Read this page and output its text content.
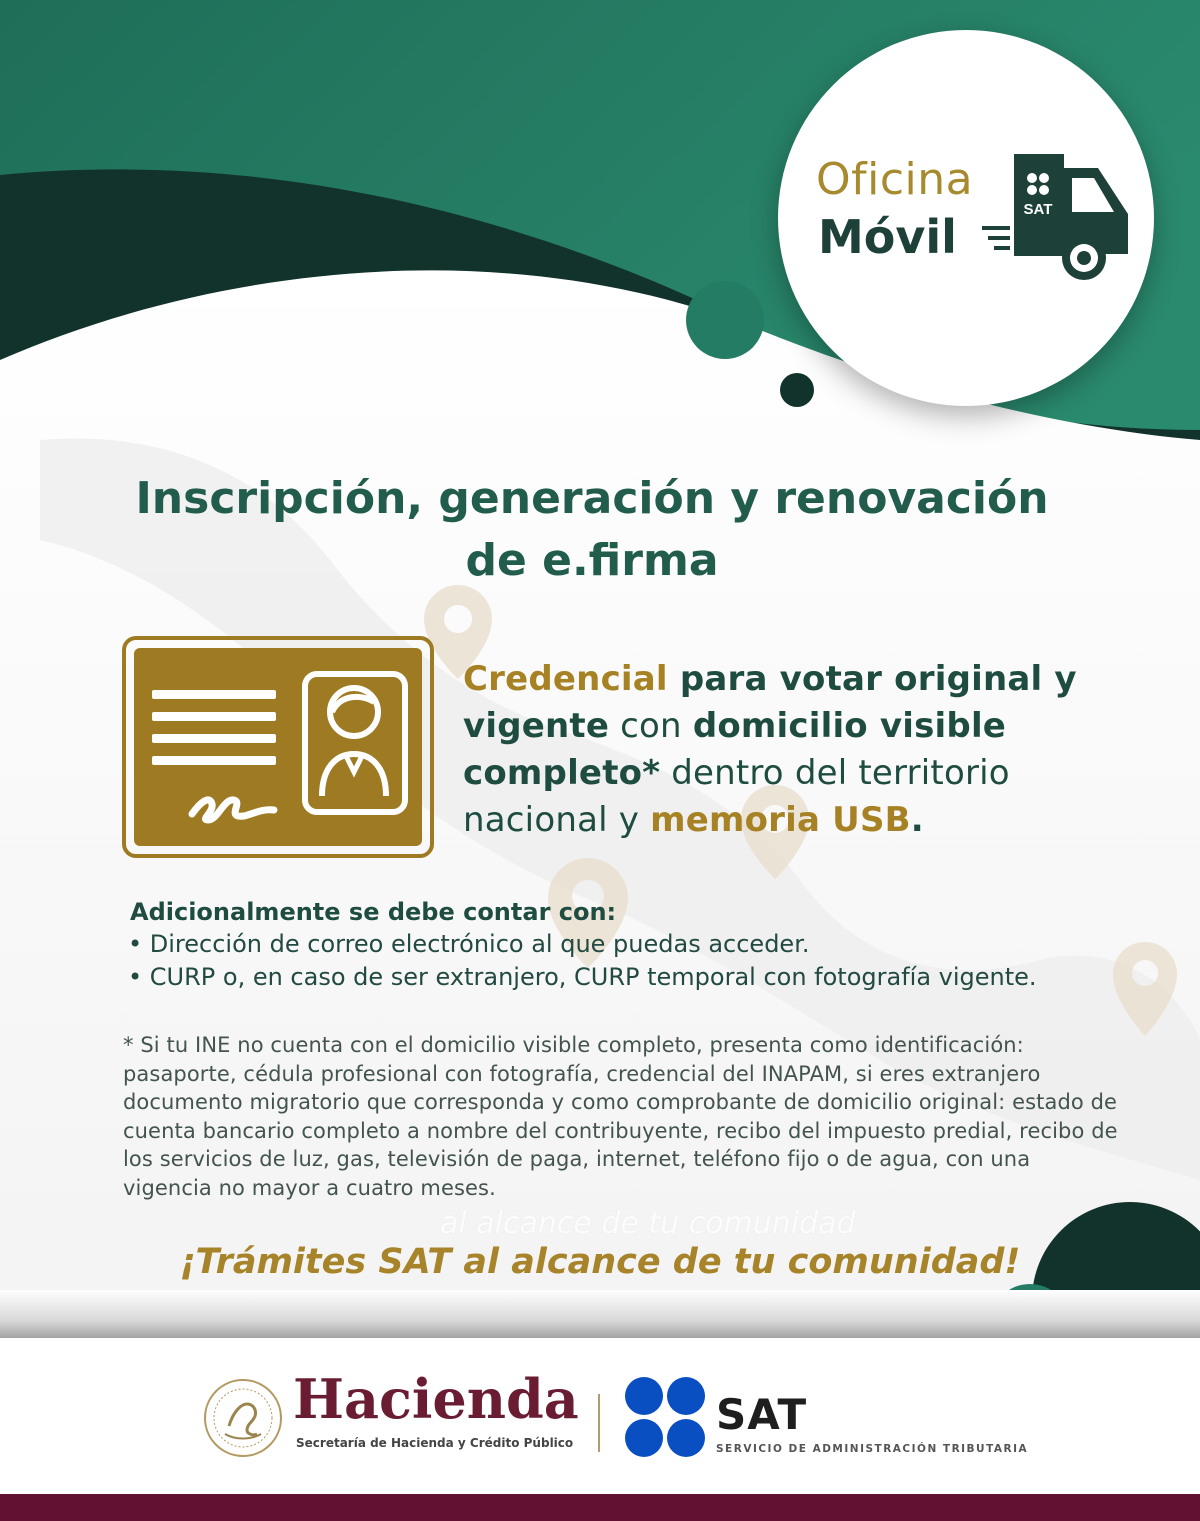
Oficina
Móvil
SAT
Inscripción, generación y renovación
de e.firma
Credencial para votar original y vigente con domicilio visible completo* dentro del territorio nacional y memoria USB.
Adicionalmente se debe contar con:
• Dirección de correo electrónico al que puedas acceder.
• CURP o, en caso de ser extranjero, CURP temporal con fotografía vigente.

* Si tu INE no cuenta con el domicilio visible completo, presenta como identificación: pasaporte, cédula profesional con fotografía, credencial del INAPAM, si eres extranjero documento migratorio que corresponda y como comprobante de domicilio original: estado de cuenta bancario completo a nombre del contribuyente, recibo del impuesto predial, recibo de los servicios de luz, gas, televisión de paga, internet, teléfono fijo o de agua, con una vigencia no mayor a cuatro meses.

al alcance de tu comunidad
¡Trámites SAT al alcance de tu comunidad!
Hacienda
Secretaría de Hacienda y Crédito Público
SAT
SERVICIO DE ADMINISTRACIÓN TRIBUTARIA
